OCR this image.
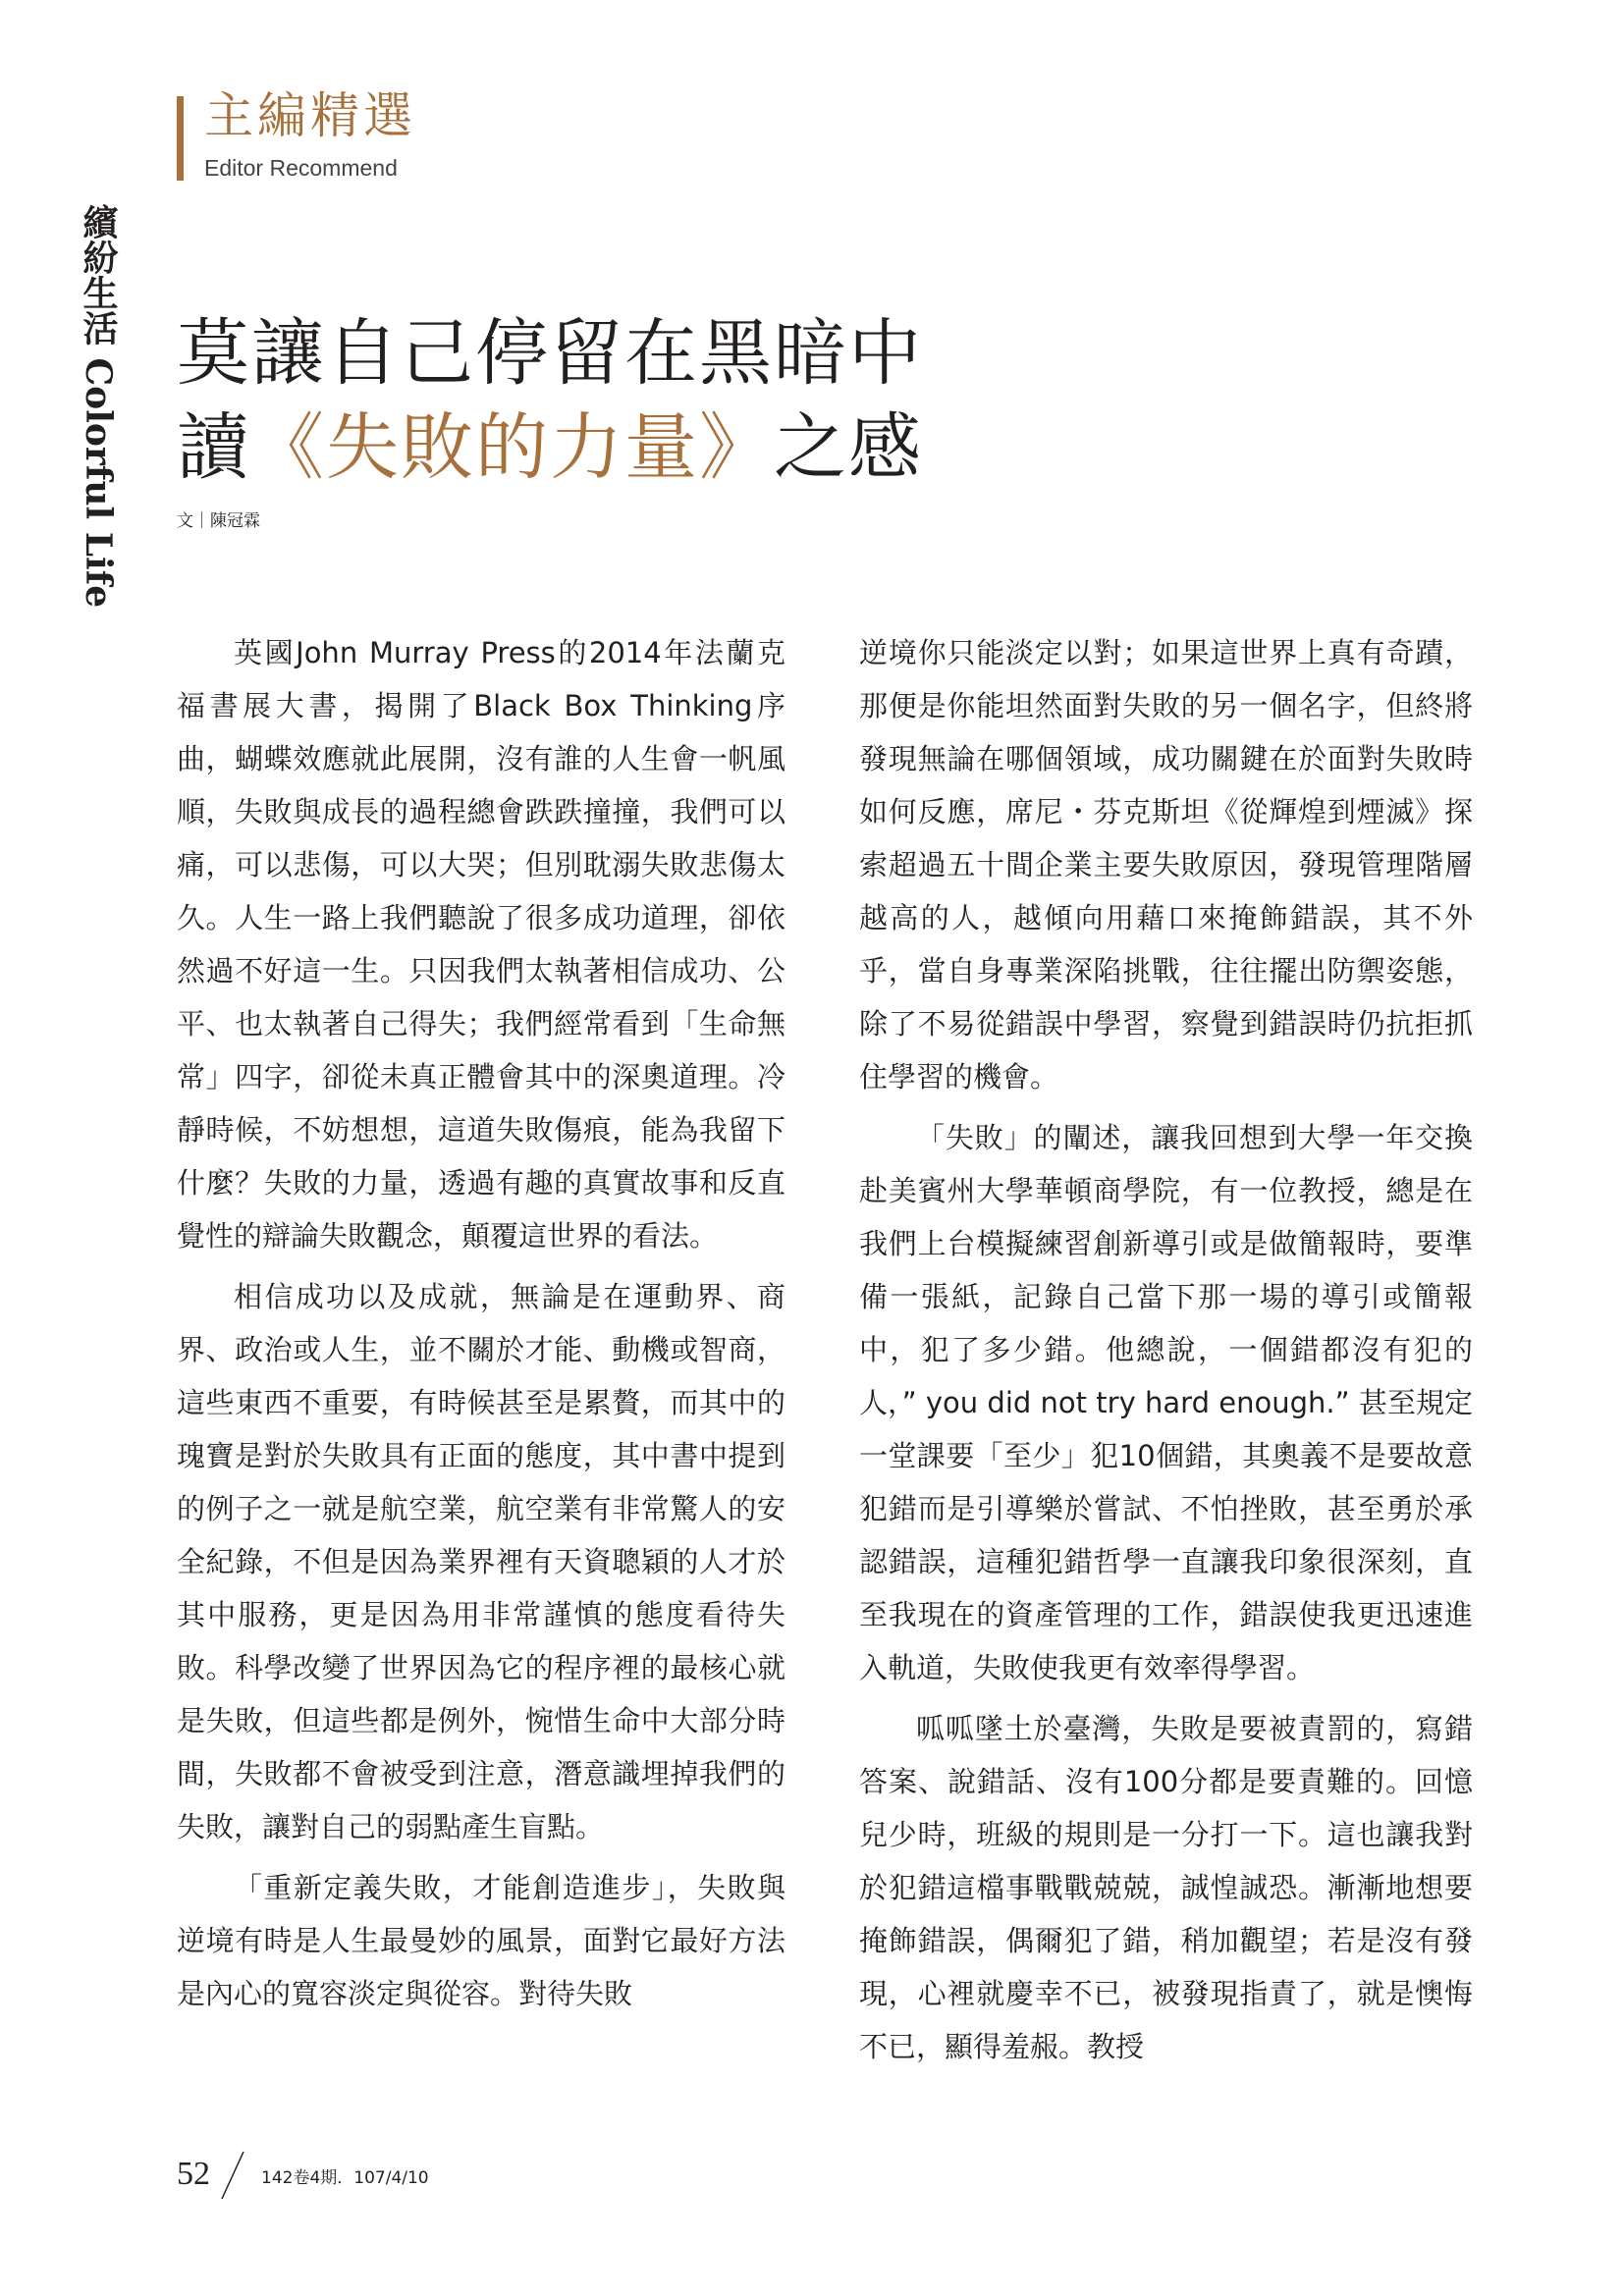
主編精選
Editor Recommend
繽紛生活 Colorful Life 莫讓自己停留在黑暗中
讀《失敗的力量》之感
文｜陳冠霖

英國John Murray Press的2014年法蘭克福書展大書，揭開了Black Box Thinking序曲，蝴蝶效應就此展開，沒有誰的人生會一帆風順，失敗與成長的過程總會跌跌撞撞，我們可以痛，可以悲傷，可以大哭；但別耽溺失敗悲傷太久。人生一路上我們聽說了很多成功道理，卻依然過不好這一生。只因我們太執著相信成功、公平、也太執著自己得失；我們經常看到「生命無常」四字，卻從未真正體會其中的深奧道理。冷靜時候，不妨想想，這道失敗傷痕，能為我留下什麼？失敗的力量，透過有趣的真實故事和反直覺性的辯論失敗觀念，顛覆這世界的看法。

相信成功以及成就，無論是在運動界、商界、政治或人生，並不關於才能、動機或智商，這些東西不重要，有時候甚至是累贅，而其中的瑰寶是對於失敗具有正面的態度，其中書中提到的例子之一就是航空業，航空業有非常驚人的安全紀錄，不但是因為業界裡有天資聰穎的人才於其中服務，更是因為用非常謹慎的態度看待失敗。科學改變了世界因為它的程序裡的最核心就是失敗，但這些都是例外，惋惜生命中大部分時間，失敗都不會被受到注意，潛意識埋掉我們的失敗，讓對自己的弱點產生盲點。

「重新定義失敗，才能創造進步」，失敗與逆境有時是人生最曼妙的風景，面對它最好方法是內心的寬容淡定與從容。對待失敗

逆境你只能淡定以對；如果這世界上真有奇蹟，那便是你能坦然面對失敗的另一個名字，但終將發現無論在哪個領域，成功關鍵在於面對失敗時如何反應，席尼・芬克斯坦《從輝煌到煙滅》探索超過五十間企業主要失敗原因，發現管理階層越高的人，越傾向用藉口來掩飾錯誤，其不外乎，當自身專業深陷挑戰，往往擺出防禦姿態，除了不易從錯誤中學習，察覺到錯誤時仍抗拒抓住學習的機會。

「失敗」的闡述，讓我回想到大學一年交換赴美賓州大學華頓商學院，有一位教授，總是在我們上台模擬練習創新導引或是做簡報時，要準備一張紙，記錄自己當下那一場的導引或簡報中，犯了多少錯。他總說，一個錯都沒有犯的人，” you did not try hard enough.” 甚至規定一堂課要「至少」犯10個錯，其奧義不是要故意犯錯而是引導樂於嘗試、不怕挫敗，甚至勇於承認錯誤，這種犯錯哲學一直讓我印象很深刻，直至我現在的資產管理的工作，錯誤使我更迅速進入軌道，失敗使我更有效率得學習。

呱呱墜土於臺灣，失敗是要被責罰的，寫錯答案、說錯話、沒有100分都是要責難的。回憶兒少時，班級的規則是一分打一下。這也讓我對於犯錯這檔事戰戰兢兢，誠惶誠恐。漸漸地想要掩飾錯誤，偶爾犯了錯，稍加觀望；若是沒有發現，心裡就慶幸不已，被發現指責了，就是懊悔不已，顯得羞赧。教授

52	142卷4期．107/4/10
